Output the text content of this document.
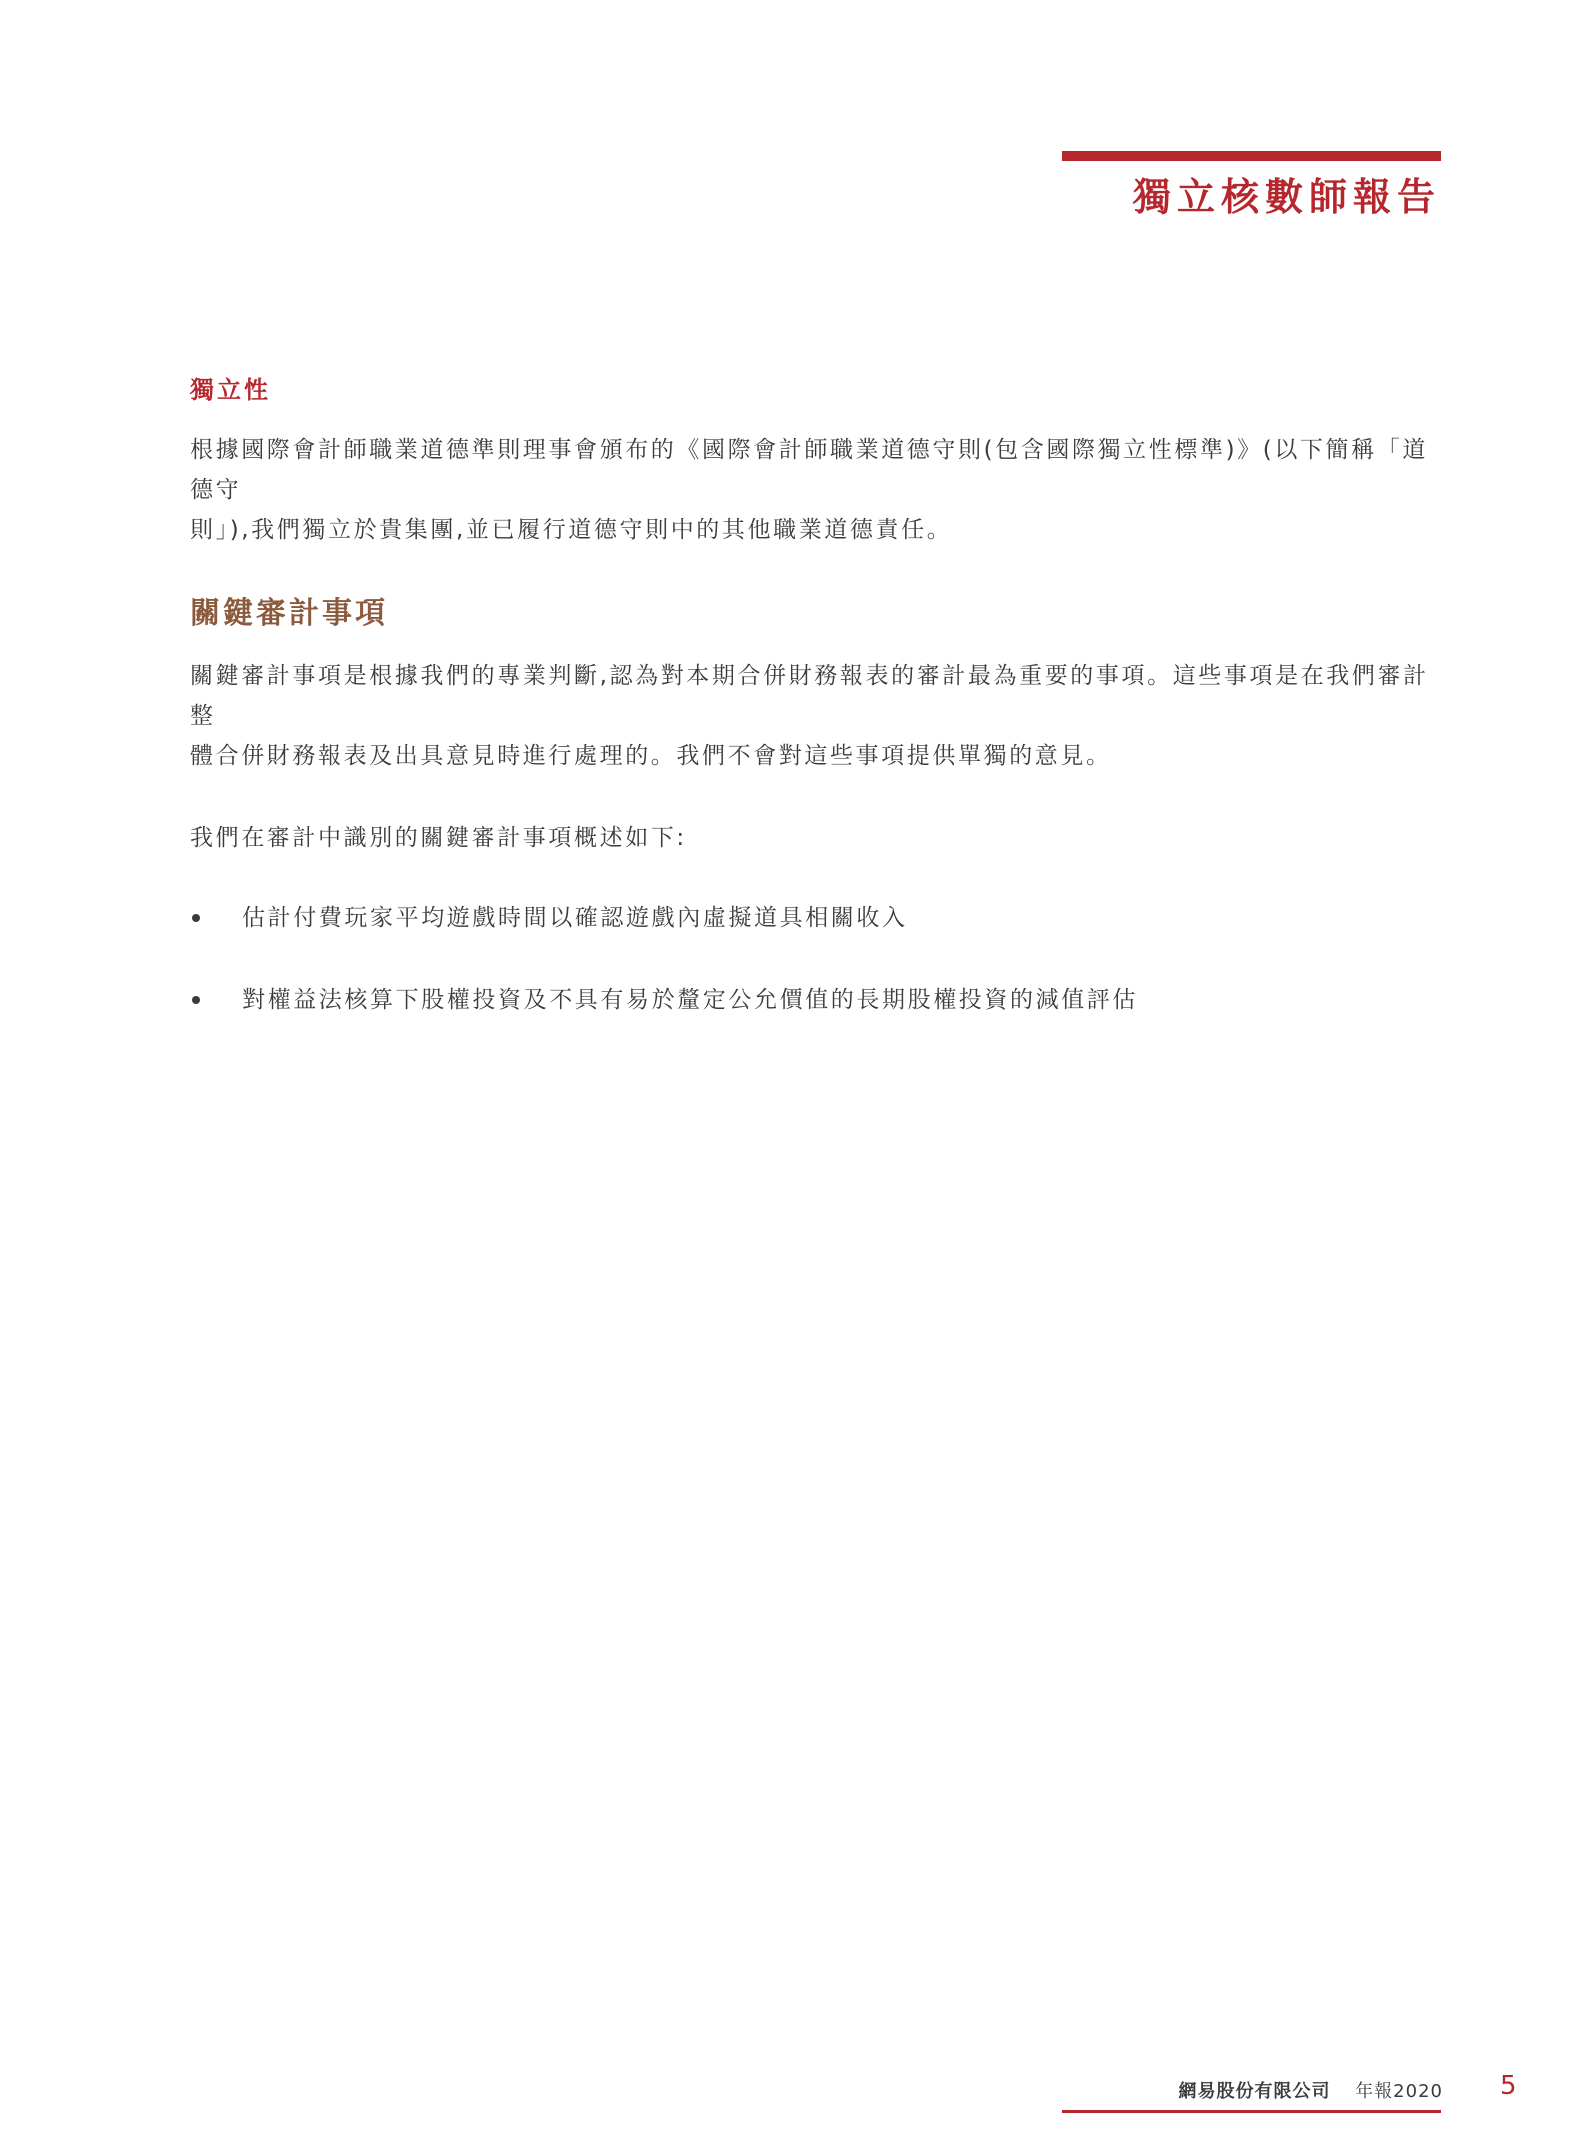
獨立核數師報告
獨立性

根據國際會計師職業道德準則理事會頒布的《國際會計師職業道德守則(包含國際獨立性標準)》(以下簡稱「道德守

則」),我們獨立於貴集團,並已履行道德守則中的其他職業道德責任。

關鍵審計事項

關鍵審計事項是根據我們的專業判斷,認為對本期合併財務報表的審計最為重要的事項。這些事項是在我們審計整

體合併財務報表及出具意見時進行處理的。我們不會對這些事項提供單獨的意見。

我們在審計中識別的關鍵審計事項概述如下:

估計付費玩家平均遊戲時間以確認遊戲內虛擬道具相關收入
對權益法核算下股權投資及不具有易於釐定公允價值的長期股權投資的減值評估
網易股份有限公司 年報2020 5
